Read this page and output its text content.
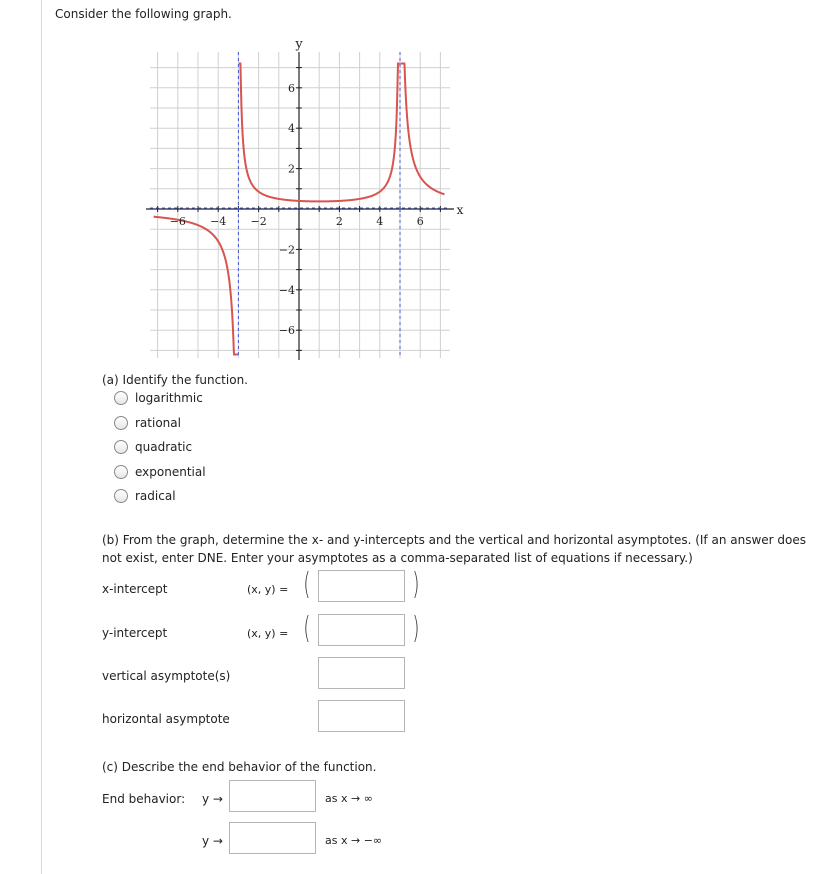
Consider the following graph.
−6 −4 −2	2	4	6
6
4
2
−2
−4
−6
x
y
(a) Identify the function.
logarithmic
rational
quadratic
exponential
radical
(b) From the graph, determine the x- and y-intercepts and the vertical and horizontal asymptotes. (If an answer does not exist, enter DNE. Enter your asymptotes as a comma-separated list of equations if necessary.)
x-intercept	(x, y) = (	)
y-intercept	(x, y) = (	)
vertical asymptote(s)
horizontal asymptote
(c) Describe the end behavior of the function.
End behavior: y →	as x → ∞
y →	as x → −∞
